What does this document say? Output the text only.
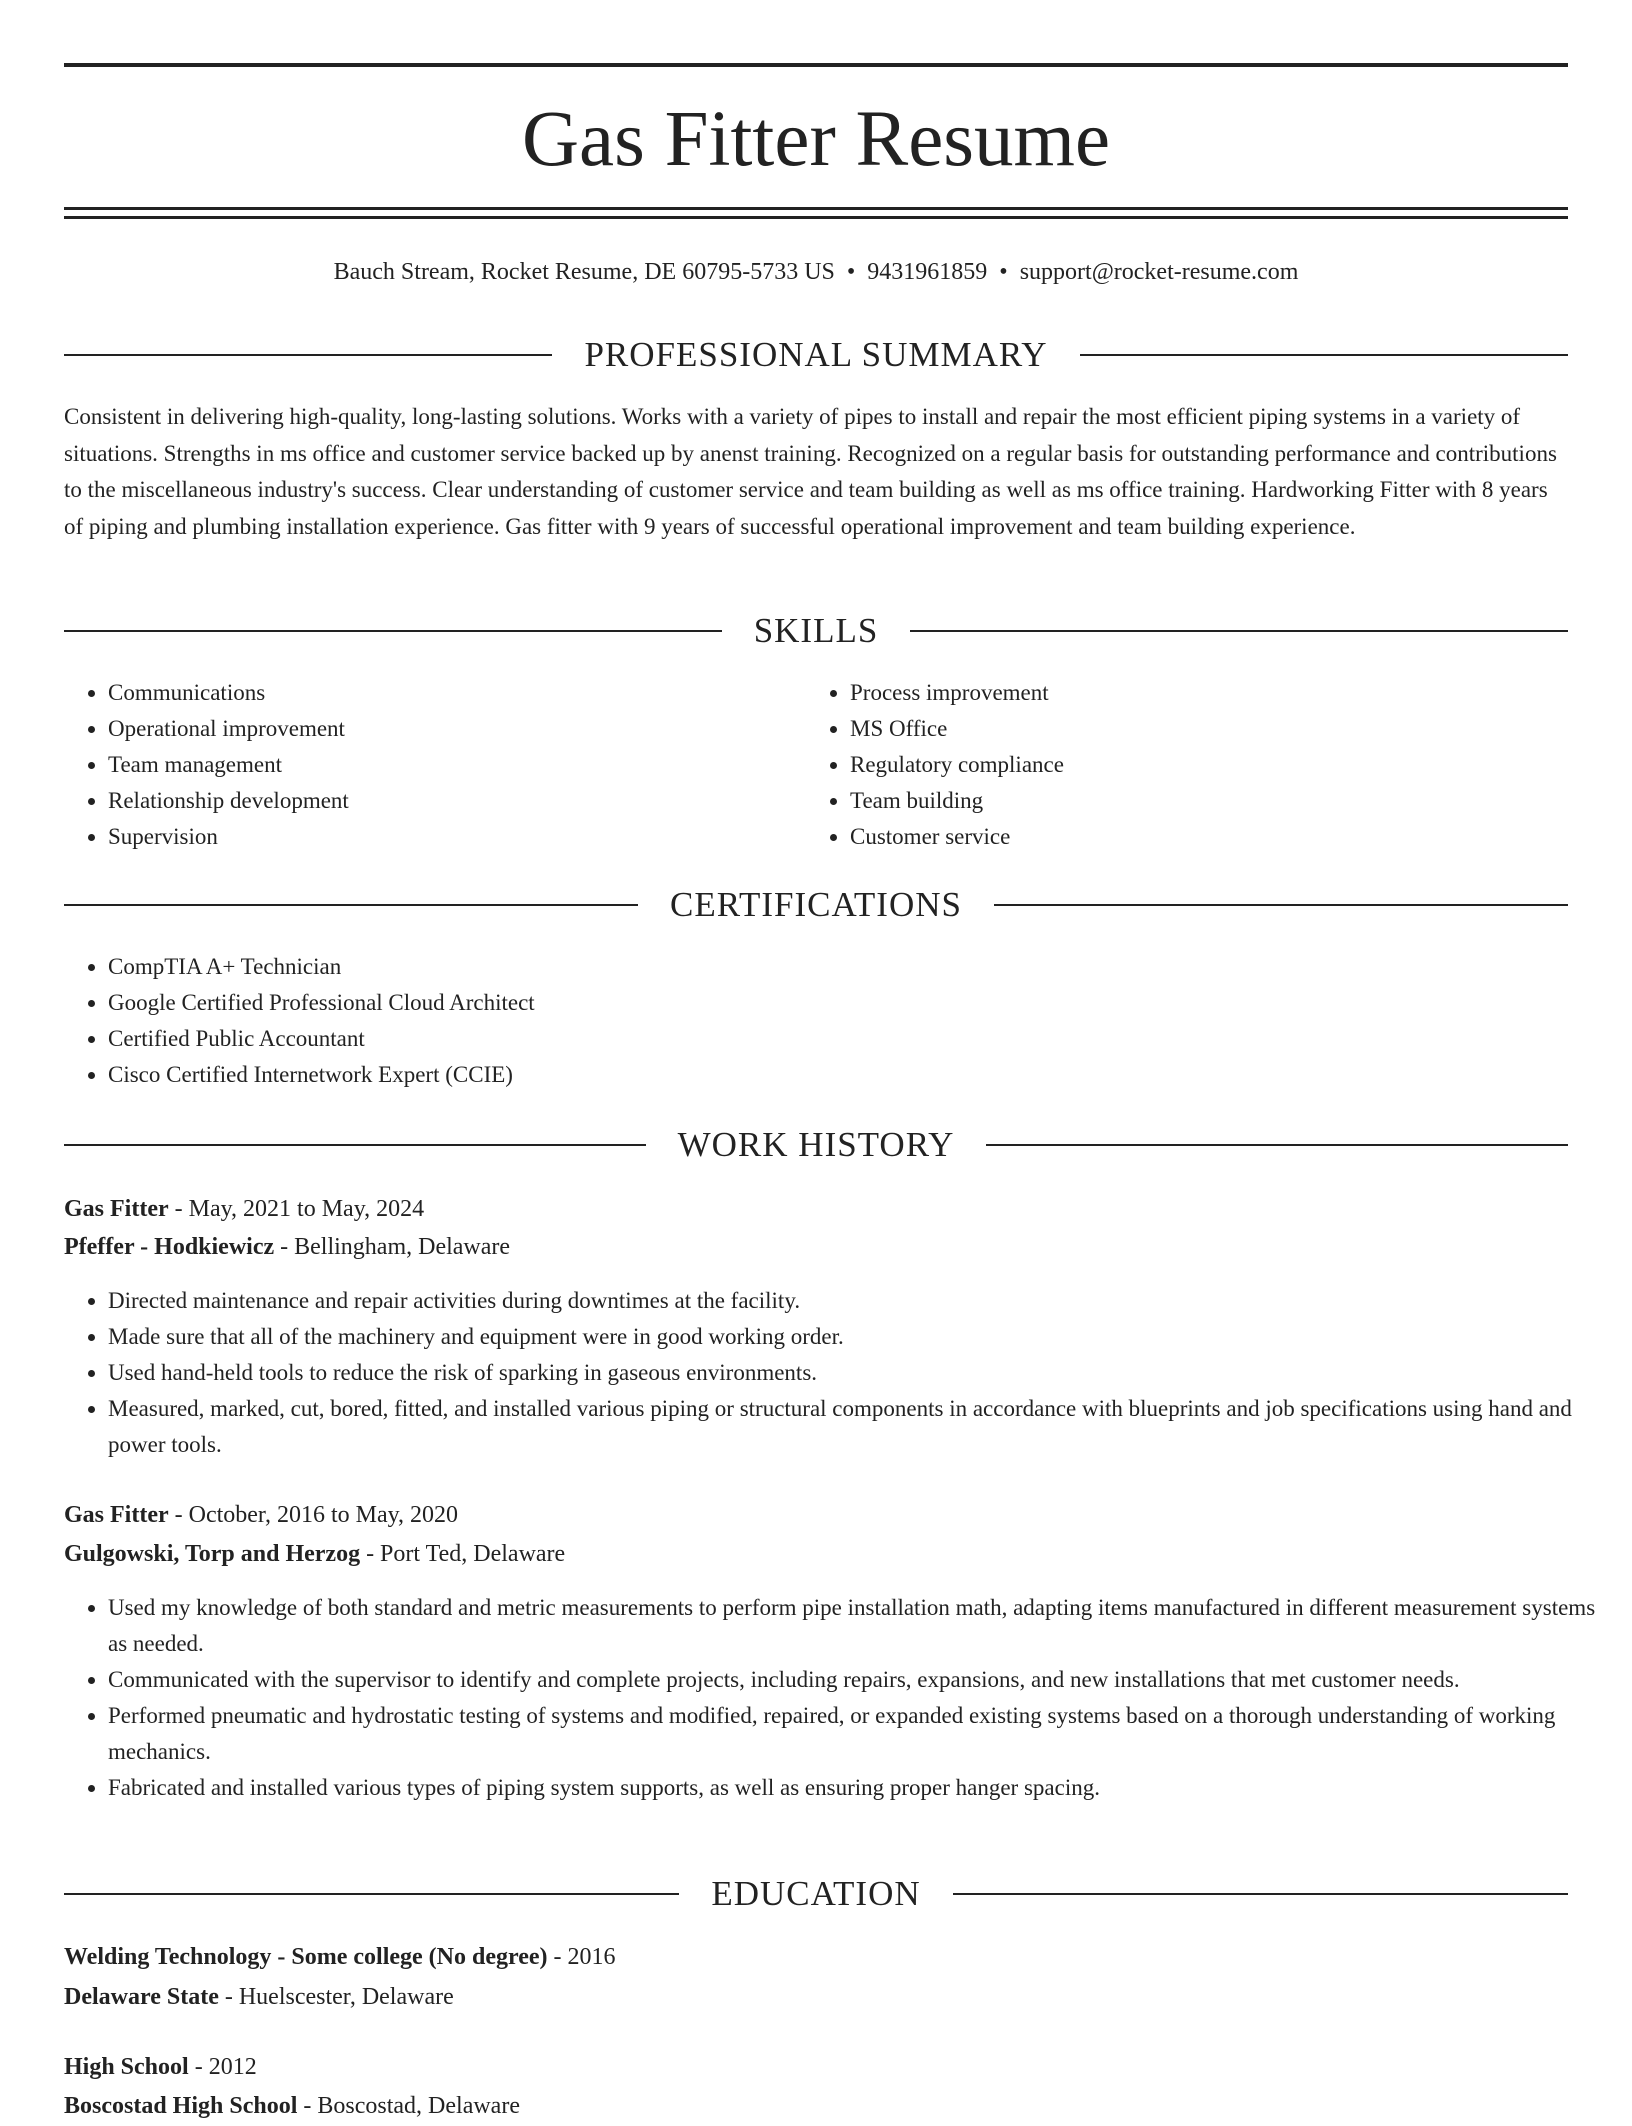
Gas Fitter Resume
Bauch Stream, Rocket Resume, DE 60795-5733 US • 9431961859 • support@rocket-resume.com
PROFESSIONAL SUMMARY
Consistent in delivering high-quality, long-lasting solutions. Works with a variety of pipes to install and repair the most efficient piping systems in a variety of situations. Strengths in ms office and customer service backed up by anenst training. Recognized on a regular basis for outstanding performance and contributions to the miscellaneous industry's success. Clear understanding of customer service and team building as well as ms office training. Hardworking Fitter with 8 years of piping and plumbing installation experience. Gas fitter with 9 years of successful operational improvement and team building experience.
SKILLS
• Communications
• Operational improvement
• Team management
• Relationship development
• Supervision
• Process improvement
• MS Office
• Regulatory compliance
• Team building
• Customer service
CERTIFICATIONS
• CompTIA A+ Technician
• Google Certified Professional Cloud Architect
• Certified Public Accountant
• Cisco Certified Internetwork Expert (CCIE)
WORK HISTORY
Gas Fitter - May, 2021 to May, 2024
Pfeffer - Hodkiewicz - Bellingham, Delaware
• Directed maintenance and repair activities during downtimes at the facility.
• Made sure that all of the machinery and equipment were in good working order.
• Used hand-held tools to reduce the risk of sparking in gaseous environments.
• Measured, marked, cut, bored, fitted, and installed various piping or structural components in accordance with blueprints and job specifications using hand and power tools.
Gas Fitter - October, 2016 to May, 2020
Gulgowski, Torp and Herzog - Port Ted, Delaware
• Used my knowledge of both standard and metric measurements to perform pipe installation math, adapting items manufactured in different measurement systems as needed.
• Communicated with the supervisor to identify and complete projects, including repairs, expansions, and new installations that met customer needs.
• Performed pneumatic and hydrostatic testing of systems and modified, repaired, or expanded existing systems based on a thorough understanding of working mechanics.
• Fabricated and installed various types of piping system supports, as well as ensuring proper hanger spacing.
EDUCATION
Welding Technology - Some college (No degree) - 2016
Delaware State - Huelscester, Delaware
High School - 2012
Boscostad High School - Boscostad, Delaware
